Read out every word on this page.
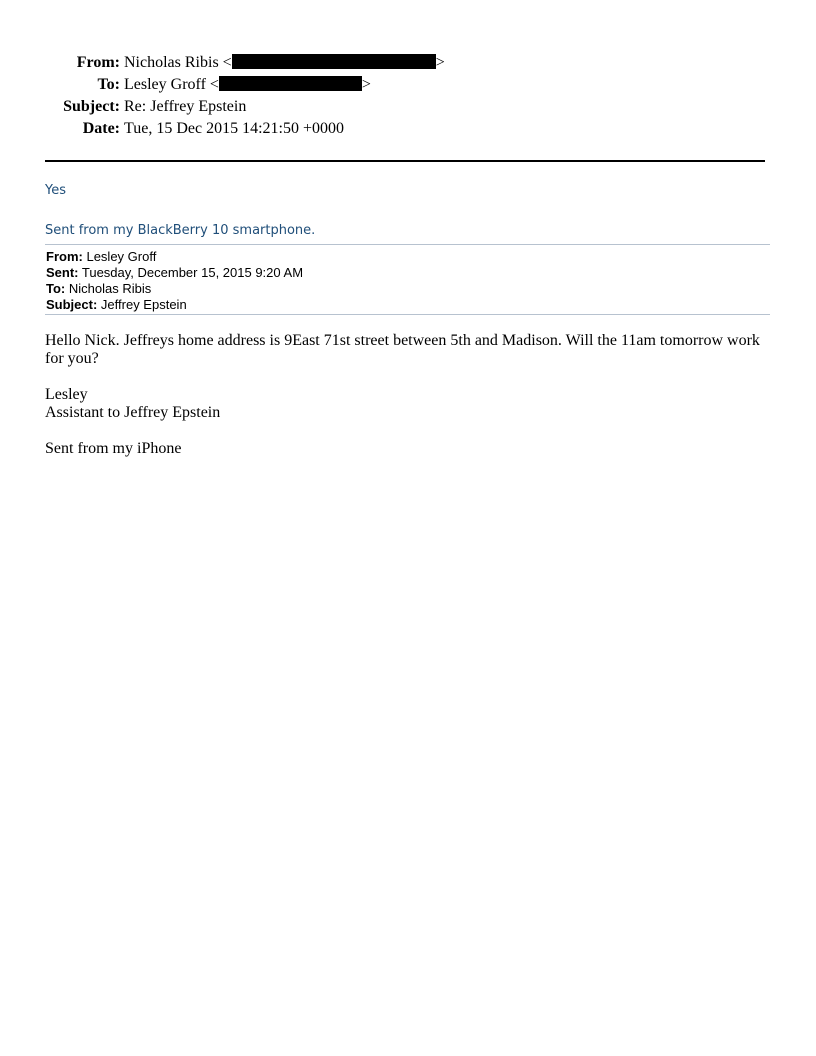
From: Nicholas Ribis <	>
To: Lesley Groff <	>
Subject: Re: Jeffrey Epstein
Date: Tue, 15 Dec 2015 14:21:50 +0000
Yes
Sent from my BlackBerry 10 smartphone.
From: Lesley Groff
Sent: Tuesday, December 15, 2015 9:20 AM
To: Nicholas Ribis
Subject: Jeffrey Epstein

Hello Nick. Jeffreys home address is 9East 71st street between 5th and Madison. Will the 11am tomorrow work for you?

Lesley

Assistant to Jeffrey Epstein

Sent from my iPhone
